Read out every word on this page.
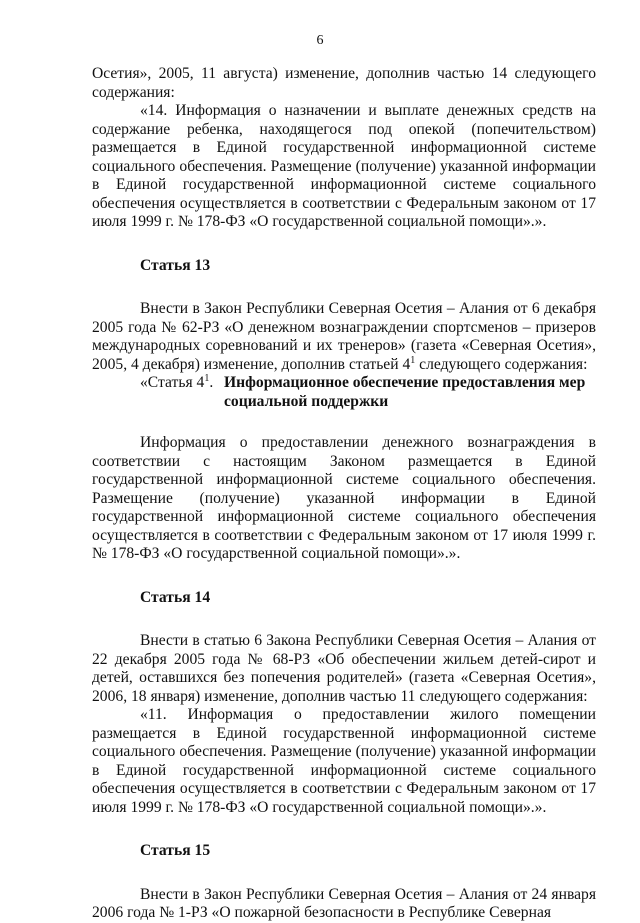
6

Осетия», 2005, 11 августа) изменение, дополнив частью 14 следующего содержания:

«14. Информация о назначении и выплате денежных средств на содержание ребенка, находящегося под опекой (попечительством) размещается в Единой государственной информационной системе социального обеспечения. Размещение (получение) указанной информации в Единой государственной информационной системе социального обеспечения осуществляется в соответствии с Федеральным законом от 17 июля 1999 г. № 178-ФЗ «О государственной социальной помощи».».

Статья 13

Внести в Закон Республики Северная Осетия – Алания от 6 декабря 2005 года № 62-РЗ «О денежном вознаграждении спортсменов – призеров международных соревнований и их тренеров» (газета «Северная Осетия», 2005, 4 декабря) изменение, дополнив статьей $4^1$ следующего содержания:

«Статья $4^1$. Информационное обеспечение предоставления мер социальной поддержки

Информация о предоставлении денежного вознаграждения в соответствии с настоящим Законом размещается в Единой государственной информационной системе социального обеспечения. Размещение (получение) указанной информации в Единой государственной информационной системе социального обеспечения осуществляется в соответствии с Федеральным законом от 17 июля 1999 г. № 178-ФЗ «О государственной социальной помощи».».

Статья 14

Внести в статью 6 Закона Республики Северная Осетия – Алания от 22 декабря 2005 года № 68-РЗ «Об обеспечении жильем детей-сирот и детей, оставшихся без попечения родителей» (газета «Северная Осетия», 2006, 18 января) изменение, дополнив частью 11 следующего содержания:

«11. Информация о предоставлении жилого помещении размещается в Единой государственной информационной системе социального обеспечения. Размещение (получение) указанной информации в Единой государственной информационной системе социального обеспечения осуществляется в соответствии с Федеральным законом от 17 июля 1999 г. № 178-ФЗ «О государственной социальной помощи».».

Статья 15

Внести в Закон Республики Северная Осетия – Алания от 24 января 2006 года № 1-РЗ «О пожарной безопасности в Республике Северная
